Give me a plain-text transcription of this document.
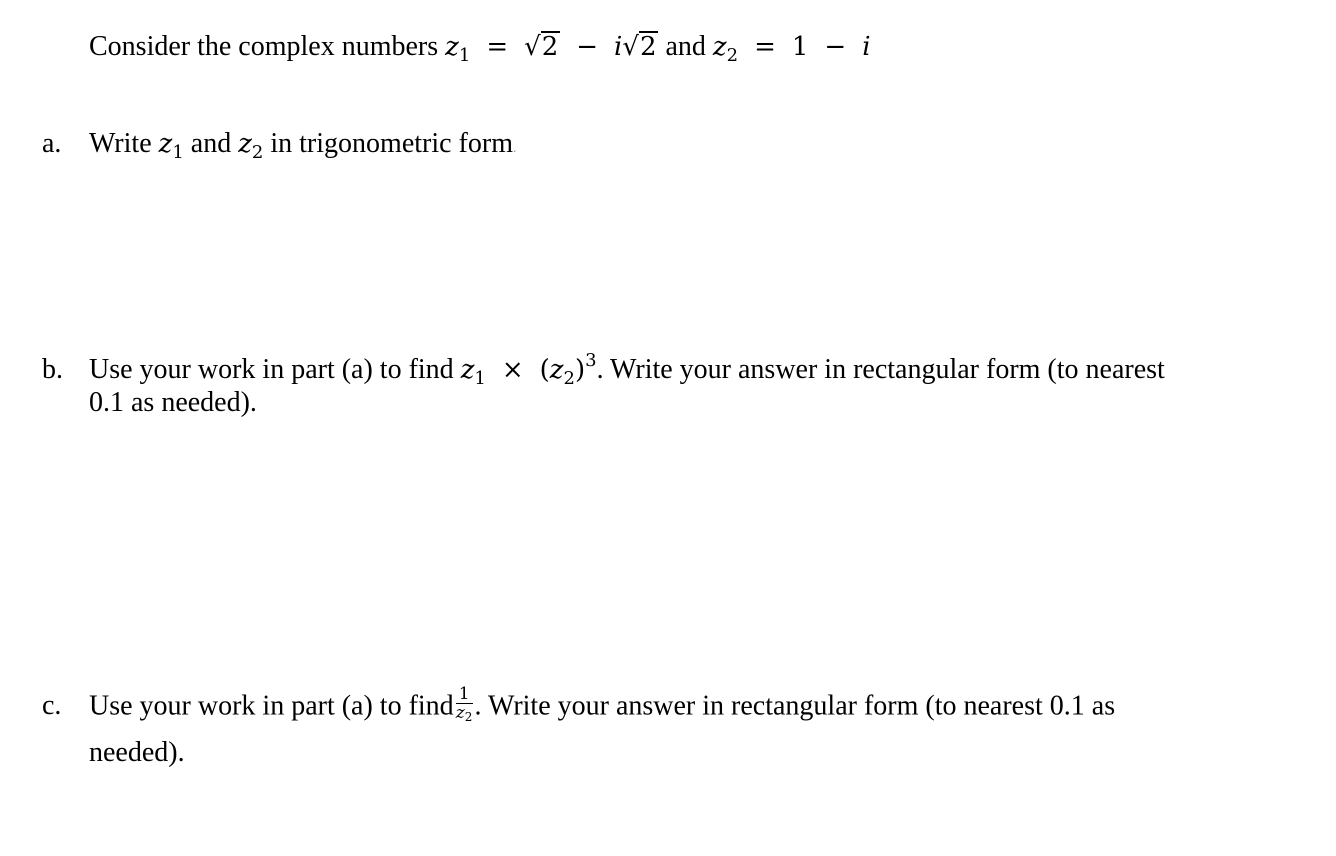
Consider the complex numbers $z_1 = √2 - i√2$ and $z_2 = 1 - i$
a. Write $z_1$ and $z_2$ in trigonometric form.
b. Use your work in part (a) to find $z_1 \times (z_2)^3$. Write your answer in rectangular form (to nearest
0.1 as needed).
c. Use your work in part (a) to find $\frac{1}{z2}$ . Write your answer in rectangular form (to nearest 0.1 as
needed).
